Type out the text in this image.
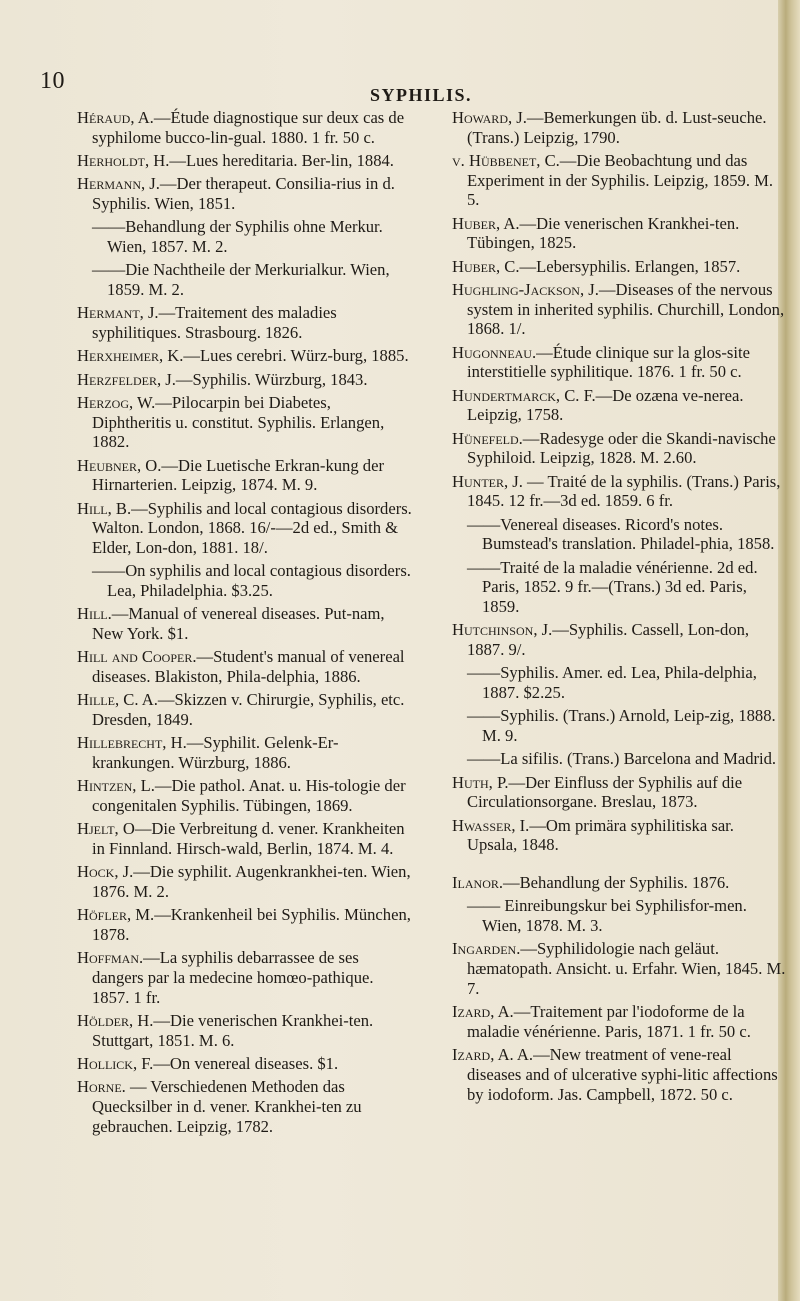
10
SYPHILIS.

Héraud, A.—Étude diagnostique sur deux cas de syphilome bucco-lin-gual. 1880. 1 fr. 50 c.

Herholdt, H.—Lues hereditaria. Ber-lin, 1884.

Hermann, J.—Der therapeut. Consilia-rius in d. Syphilis. Wien, 1851.

——Behandlung der Syphilis ohne Merkur. Wien, 1857. M. 2.

——Die Nachtheile der Merkurialkur. Wien, 1859. M. 2.

Hermant, J.—Traitement des maladies syphilitiques. Strasbourg. 1826.

Herxheimer, K.—Lues cerebri. Würz-burg, 1885.

Herzfelder, J.—Syphilis. Würzburg, 1843.

Herzog, W.—Pilocarpin bei Diabetes, Diphtheritis u. constitut. Syphilis. Erlangen, 1882.

Heubner, O.—Die Luetische Erkran-kung der Hirnarterien. Leipzig, 1874. M. 9.

Hill, B.—Syphilis and local contagious disorders. Walton. London, 1868. 16/-—2d ed., Smith & Elder, Lon-don, 1881. 18/.

——On syphilis and local contagious disorders. Lea, Philadelphia. $3.25.

Hill.—Manual of venereal diseases. Put-nam, New York. $1.

Hill and Cooper.—Student's manual of venereal diseases. Blakiston, Phila-delphia, 1886.

Hille, C. A.—Skizzen v. Chirurgie, Syphilis, etc. Dresden, 1849.

Hillebrecht, H.—Syphilit. Gelenk-Er-krankungen. Würzburg, 1886.

Hintzen, L.—Die pathol. Anat. u. His-tologie der congenitalen Syphilis. Tübingen, 1869.

Hjelt, O—Die Verbreitung d. vener. Krankheiten in Finnland. Hirsch-wald, Berlin, 1874. M. 4.

Hock, J.—Die syphilit. Augenkrankhei-ten. Wien, 1876. M. 2.

Höfler, M.—Krankenheil bei Syphilis. München, 1878.

Hoffman.—La syphilis debarrassee de ses dangers par la medecine homœo-pathique. 1857. 1 fr.

Hölder, H.—Die venerischen Krankhei-ten. Stuttgart, 1851. M. 6.

Hollick, F.—On venereal diseases. $1.

Horne. — Verschiedenen Methoden das Quecksilber in d. vener. Krankhei-ten zu gebrauchen. Leipzig, 1782.

Howard, J.—Bemerkungen üb. d. Lust-seuche. (Trans.) Leipzig, 1790.

v. Hübbenet, C.—Die Beobachtung und das Experiment in der Syphilis. Leipzig, 1859. M. 5.

Huber, A.—Die venerischen Krankhei-ten. Tübingen, 1825.

Huber, C.—Lebersyphilis. Erlangen, 1857.

Hughling-Jackson, J.—Diseases of the nervous system in inherited syphilis. Churchill, London, 1868. 1/.

Hugonneau.—Étude clinique sur la glos-site interstitielle syphilitique. 1876. 1 fr. 50 c.

Hundertmarck, C. F.—De ozæna ve-nerea. Leipzig, 1758.

Hünefeld.—Radesyge oder die Skandi-navische Syphiloid. Leipzig, 1828. M. 2.60.

Hunter, J. — Traité de la syphilis. (Trans.) Paris, 1845. 12 fr.—3d ed. 1859. 6 fr.

——Venereal diseases. Ricord's notes. Bumstead's translation. Philadel-phia, 1858.

——Traité de la maladie vénérienne. 2d ed. Paris, 1852. 9 fr.—(Trans.) 3d ed. Paris, 1859.

Hutchinson, J.—Syphilis. Cassell, Lon-don, 1887. 9/.

——Syphilis. Amer. ed. Lea, Phila-delphia, 1887. $2.25.

——Syphilis. (Trans.) Arnold, Leip-zig, 1888. M. 9.

——La sifilis. (Trans.) Barcelona and Madrid.

Huth, P.—Der Einfluss der Syphilis auf die Circulationsorgane. Breslau, 1873.

Hwasser, I.—Om primära syphilitiska sar. Upsala, 1848.

Ilanor.—Behandlung der Syphilis. 1876.

—— Einreibungskur bei Syphilisfor-men. Wien, 1878. M. 3.

Ingarden.—Syphilidologie nach geläut. hæmatopath. Ansicht. u. Erfahr. Wien, 1845. M. 7.

Izard, A.—Traitement par l'iodoforme de la maladie vénérienne. Paris, 1871. 1 fr. 50 c.

Izard, A. A.—New treatment of vene-real diseases and of ulcerative syphi-litic affections by iodoform. Jas. Campbell, 1872. 50 c.
